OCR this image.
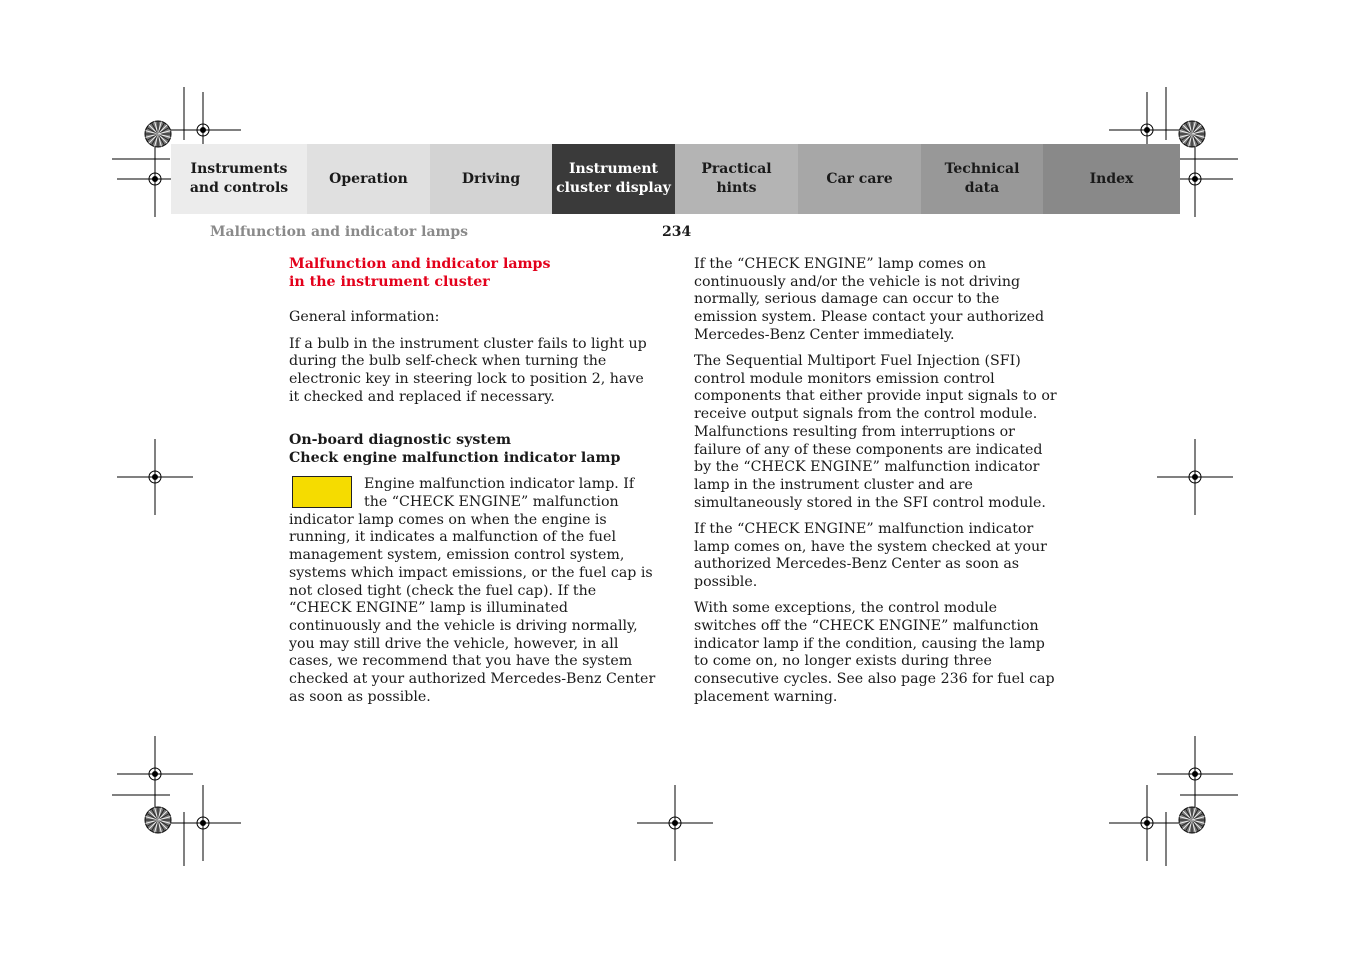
Instruments
and controls
Operation	Driving
Instrument
cluster display
Practical hints
Car care
Technical
data
Index
Malfunction and indicator lamps	234

Malfunction and indicator lamps
in the instrument cluster

General information:

If a bulb in the instrument cluster fails to light up during the bulb self-check when turning the electronic key in steering lock to position 2, have it checked and replaced if necessary.

On-board diagnostic system
Check engine malfunction indicator lamp

Engine malfunction indicator lamp. If the “CHECK ENGINE” malfunction indicator lamp comes on when the engine is running, it indicates a malfunction of the fuel management system, emission control system, systems which impact emissions, or the fuel cap is not closed tight (check the fuel cap). If the “CHECK ENGINE” lamp is illuminated continuously and the vehicle is driving normally, you may still drive the vehicle, however, in all cases, we recommend that you have the system checked at your authorized Mercedes-Benz Center as soon as possible.

If the “CHECK ENGINE” lamp comes on continuously and/or the vehicle is not driving normally, serious damage can occur to the emission system. Please contact your authorized Mercedes-Benz Center immediately.

The Sequential Multiport Fuel Injection (SFI) control module monitors emission control components that either provide input signals to or receive output signals from the control module. Malfunctions resulting from interruptions or failure of any of these components are indicated by the “CHECK ENGINE” malfunction indicator lamp in the instrument cluster and are simultaneously stored in the SFI control module.

If the “CHECK ENGINE” malfunction indicator lamp comes on, have the system checked at your authorized Mercedes-Benz Center as soon as possible.

With some exceptions, the control module switches off the “CHECK ENGINE” malfunction indicator lamp if the condition, causing the lamp to come on, no longer exists during three consecutive cycles. See also page 236 for fuel cap placement warning.
